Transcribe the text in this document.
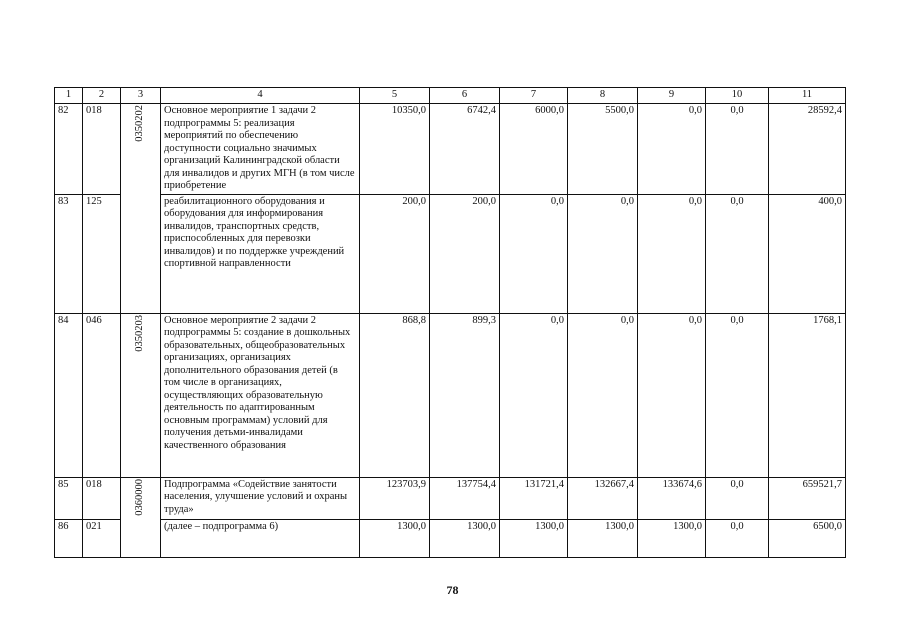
1	2	3	4	5	6	7	8	9	10	11
82	018	0350202	Основное мероприятие 1 задачи 2 подпрограммы 5: реализация мероприятий по обеспечению доступности социально значимых организаций Калининградской области для инвалидов и других МГН (в том числе приобретение	10350,0	6742,4	6000,0	5500,0	0,0	0,0	28592,4
83	125		реабилитационного оборудования и оборудования для информирования инвалидов, транспортных средств, приспособленных для перевозки инвалидов) и по поддержке учреждений спортивной направленности	200,0	200,0	0,0	0,0	0,0	0,0	400,0
84	046	0350203	Основное мероприятие 2 задачи 2 подпрограммы 5: создание в дошкольных образовательных, общеобразовательных организациях, организациях дополнительного образования детей (в том числе в организациях, осуществляющих образовательную деятельность по адаптированным основным программам) условий для получения детьми-инвалидами качественного образования	868,8	899,3	0,0	0,0	0,0	0,0	1768,1
85	018	0360000	Подпрограмма «Содействие занятости населения, улучшение условий и охраны труда»	123703,9	137754,4	131721,4	132667,4	133674,6	0,0	659521,7
86	021		(далее – подпрограмма 6)	1300,0	1300,0	1300,0	1300,0	1300,0	0,0	6500,0
78
